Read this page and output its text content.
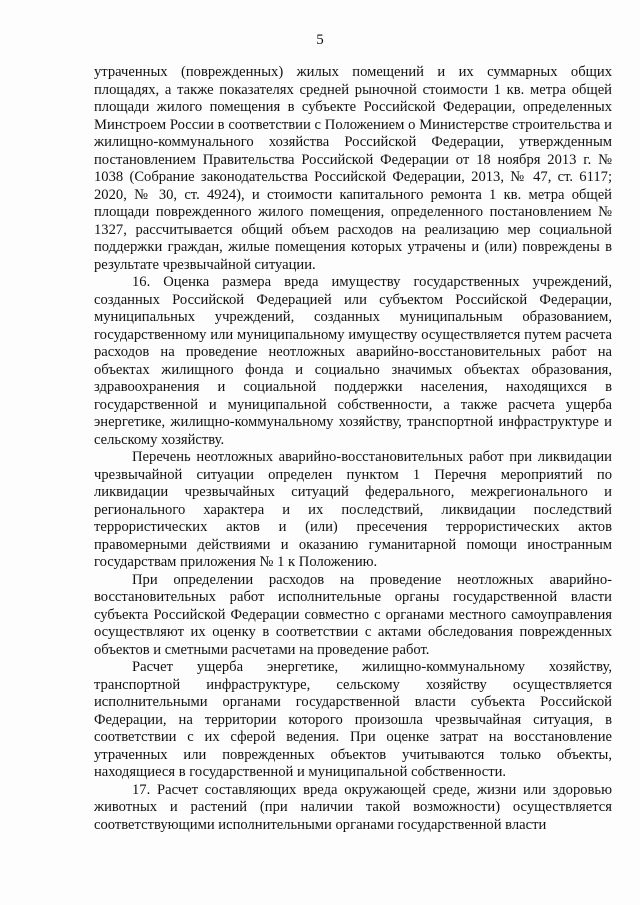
5

утраченных (поврежденных) жилых помещений и их суммарных общих площадях, а также показателях средней рыночной стоимости 1 кв. метра общей площади жилого помещения в субъекте Российской Федерации, определенных Минстроем России в соответствии с Положением о Министерстве строительства и жилищно-коммунального хозяйства Российской Федерации, утвержденным постановлением Правительства Российской Федерации от 18 ноября 2013 г. № 1038 (Собрание законодательства Российской Федерации, 2013, № 47, ст. 6117; 2020, № 30, ст. 4924), и стоимости капитального ремонта 1 кв. метра общей площади поврежденного жилого помещения, определенного постановлением № 1327, рассчитывается общий объем расходов на реализацию мер социальной поддержки граждан, жилые помещения которых утрачены и (или) повреждены в результате чрезвычайной ситуации.

16. Оценка размера вреда имуществу государственных учреждений, созданных Российской Федерацией или субъектом Российской Федерации, муниципальных учреждений, созданных муниципальным образованием, государственному или муниципальному имуществу осуществляется путем расчета расходов на проведение неотложных аварийно-восстановительных работ на объектах жилищного фонда и социально значимых объектах образования, здравоохранения и социальной поддержки населения, находящихся в государственной и муниципальной собственности, а также расчета ущерба энергетике, жилищно-коммунальному хозяйству, транспортной инфраструктуре и сельскому хозяйству.

Перечень неотложных аварийно-восстановительных работ при ликвидации чрезвычайной ситуации определен пунктом 1 Перечня мероприятий по ликвидации чрезвычайных ситуаций федерального, межрегионального и регионального характера и их последствий, ликвидации последствий террористических актов и (или) пресечения террористических актов правомерными действиями и оказанию гуманитарной помощи иностранным государствам приложения № 1 к Положению.

При определении расходов на проведение неотложных аварийно-восстановительных работ исполнительные органы государственной власти субъекта Российской Федерации совместно с органами местного самоуправления осуществляют их оценку в соответствии с актами обследования поврежденных объектов и сметными расчетами на проведение работ.

Расчет ущерба энергетике, жилищно-коммунальному хозяйству, транспортной инфраструктуре, сельскому хозяйству осуществляется исполнительными органами государственной власти субъекта Российской Федерации, на территории которого произошла чрезвычайная ситуация, в соответствии с их сферой ведения. При оценке затрат на восстановление утраченных или поврежденных объектов учитываются только объекты, находящиеся в государственной и муниципальной собственности.

17. Расчет составляющих вреда окружающей среде, жизни или здоровью животных и растений (при наличии такой возможности) осуществляется соответствующими исполнительными органами государственной власти
